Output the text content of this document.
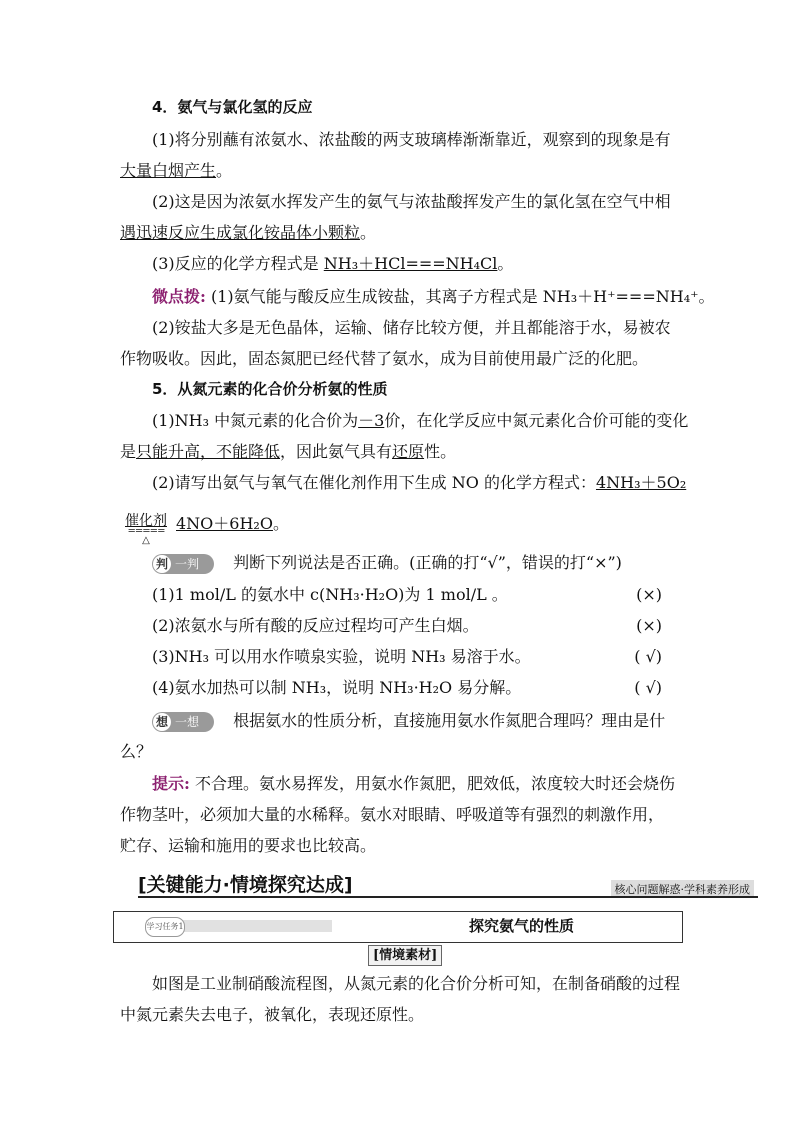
4．氨气与氯化氢的反应

(1)将分别蘸有浓氨水、浓盐酸的两支玻璃棒渐渐靠近，观察到的现象是有

大量白烟产生。

(2)这是因为浓氨水挥发产生的氨气与浓盐酸挥发产生的氯化氢在空气中相

遇迅速反应生成氯化铵晶体小颗粒。

(3)反应的化学方程式是 NH₃＋HCl===NH₄Cl。

微点拨: (1)氨气能与酸反应生成铵盐，其离子方程式是 NH₃＋H⁺===NH₄⁺。

(2)铵盐大多是无色晶体，运输、储存比较方便，并且都能溶于水，易被农

作物吸收。因此，固态氮肥已经代替了氨水，成为目前使用最广泛的化肥。

5．从氮元素的化合价分析氨的性质

(1)NH₃ 中氮元素的化合价为－3价，在化学反应中氮元素化合价可能的变化

是只能升高，不能降低，因此氨气具有还原性。

(2)请写出氨气与氧气在催化剂作用下生成 NO 的化学方程式：4NH₃＋5O₂

催化剂
=====
△

4NO＋6H₂O。

判 一判 判断下列说法是否正确。(正确的打“√”，错误的打“×”)
(1)1 mol/L 的氨水中 c(NH₃·H₂O)为 1 mol/L 。	(×)
(2)浓氨水与所有酸的反应过程均可产生白烟。	(×)
(3)NH₃ 可以用水作喷泉实验，说明 NH₃ 易溶于水。	( √)
(4)氨水加热可以制 NH₃，说明 NH₃·H₂O 易分解。	( √)
想 一想 根据氨水的性质分析，直接施用氨水作氮肥合理吗？理由是什

么？

提示: 不合理。氨水易挥发，用氨水作氮肥，肥效低，浓度较大时还会烧伤

作物茎叶，必须加大量的水稀释。氨水对眼睛、呼吸道等有强烈的刺激作用，

贮存、运输和施用的要求也比较高。

[关键能力·情境探究达成]	核心问题解惑·学科素养形成
学习任务1	探究氨气的性质
[情境素材]

如图是工业制硝酸流程图，从氮元素的化合价分析可知，在制备硝酸的过程

中氮元素失去电子，被氧化，表现还原性。
